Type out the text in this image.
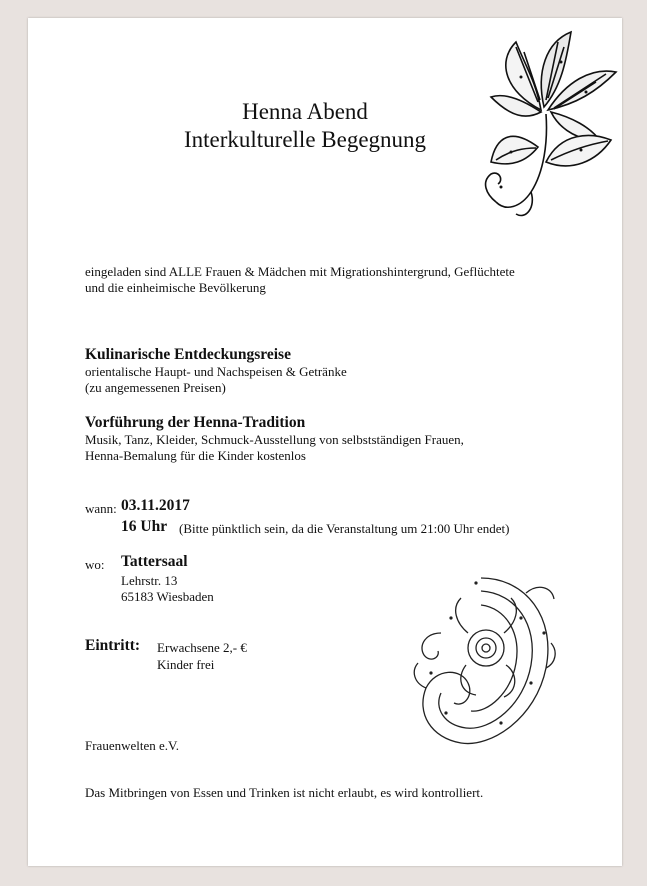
Henna Abend
Interkulturelle Begegnung
eingeladen sind ALLE Frauen & Mädchen mit Migrationshintergrund, Geflüchtete
und die einheimische Bevölkerung
Kulinarische Entdeckungsreise
orientalische Haupt- und Nachspeisen & Getränke
(zu angemessenen Preisen)
Vorführung der Henna-Tradition
Musik, Tanz, Kleider, Schmuck-Ausstellung von selbstständigen Frauen,
Henna-Bemalung für die Kinder kostenlos
wann: 03.11.2017
16 Uhr (Bitte pünktlich sein, da die Veranstaltung um 21:00 Uhr endet)
wo: Tattersaal
Lehrstr. 13
65183 Wiesbaden
Eintritt: Erwachsene 2,- €
Kinder frei
Frauenwelten e.V.
Das Mitbringen von Essen und Trinken ist nicht erlaubt, es wird kontrolliert.
